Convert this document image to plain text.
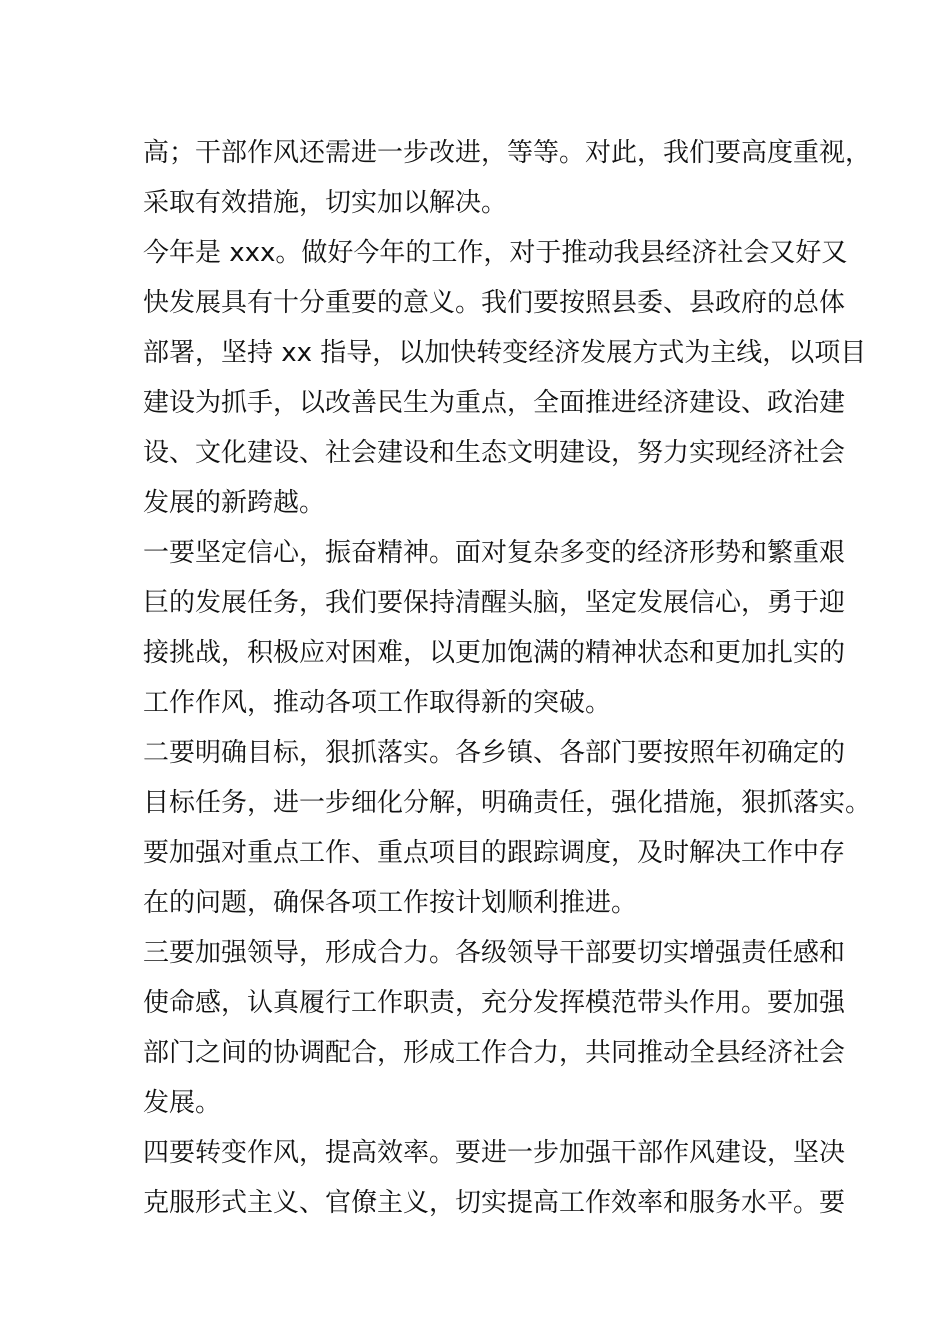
高；干部作风还需进一步改进，等等。对此，我们要高度重视，
采取有效措施，切实加以解决。
今年是 xxx。做好今年的工作，对于推动我县经济社会又好又
快发展具有十分重要的意义。我们要按照县委、县政府的总体
部署，坚持 xx 指导，以加快转变经济发展方式为主线，以项目
建设为抓手，以改善民生为重点，全面推进经济建设、政治建
设、文化建设、社会建设和生态文明建设，努力实现经济社会
发展的新跨越。
一要坚定信心，振奋精神。面对复杂多变的经济形势和繁重艰
巨的发展任务，我们要保持清醒头脑，坚定发展信心，勇于迎
接挑战，积极应对困难，以更加饱满的精神状态和更加扎实的
工作作风，推动各项工作取得新的突破。
二要明确目标，狠抓落实。各乡镇、各部门要按照年初确定的
目标任务，进一步细化分解，明确责任，强化措施，狠抓落实。
要加强对重点工作、重点项目的跟踪调度，及时解决工作中存
在的问题，确保各项工作按计划顺利推进。
三要加强领导，形成合力。各级领导干部要切实增强责任感和
使命感，认真履行工作职责，充分发挥模范带头作用。要加强
部门之间的协调配合，形成工作合力，共同推动全县经济社会
发展。
四要转变作风，提高效率。要进一步加强干部作风建设，坚决
克服形式主义、官僚主义，切实提高工作效率和服务水平。要
